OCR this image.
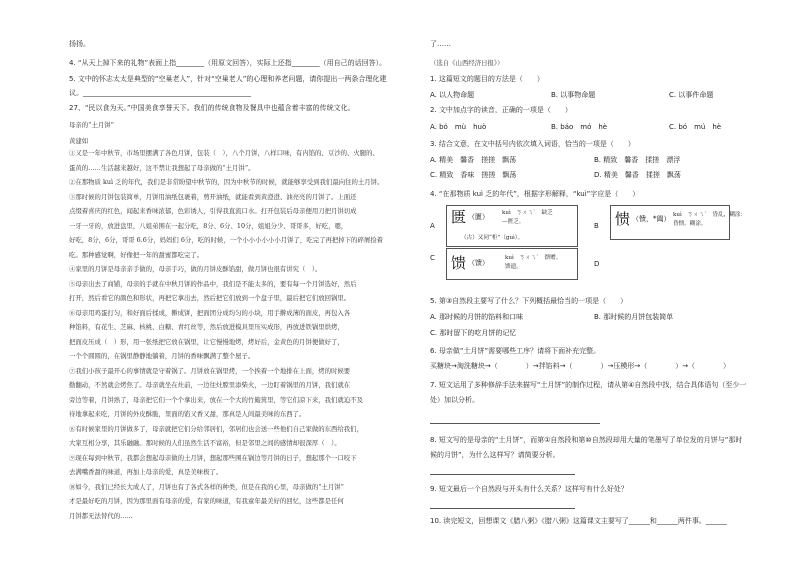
扬扬。
4. “从天上掉下来的礼物”表面上指________（用原文回答），实际上还指________（用自己的话回答）。
5. 文中的怀志太太是典型的“空巢老人”，针对“空巢老人”的心理和养老问题，请你提出一两条合理化建
议。________________________________________________
27、“民以食为天。”中国美食享誉天下。我们的传统食物及餐具中也蕴含着丰富的传统文化。
母亲的“土月饼”
黄建如
①又是一年中秋节，市场里摆满了各色月饼，包装（　），八个月饼，八样口味，有内馅的、豆沙的、火腿的、
蛋黄的……生活越来越好，这不禁让我想起了母亲做的“土月饼”。
②在那物质 kuì 乏的年代，我们是非常盼望中秋节的，因为中秋节的时候，就能够享受到我们最向往的土月饼。
③那时候的月饼包装简单，月饼用油纸包裹着，剪开油纸，就能看到黄澄澄、油亮亮的月饼了。上面还
点缀着喜庆的红色，闻起来香味浓郁，色彩诱人，引得我直流口水。打开包装后母亲便用刀把月饼切成
一牙一牙的，放进盘里，八姐弟围在一起分吃，8分、6分、10分，姐姐分少、哥哥多，好吃，嗯，
好吃，8分，6分，哥哥 6.6分，妈妈们 6分，吃的时候，一个小小小小小小月饼了，吃完了再把掉下的碎屑捡着
吃。那种感觉啊，好像把一年的甜蜜都吃完了。
④家里的月饼是母亲亲手做的，母亲手巧，做的月饼皮酥馅甜，做月饼也很有讲究（　）。
⑤母亲出去了商铺，母亲的手就在中秋月饼的作品中，我们是不能太多的，要有每一个月饼选好，然后
打开，然后看它的颜色和形状，再把它拿出去，然后把它们放到一个盘子里，最后把它们放回锅里。
⑥母亲用鸡蛋打匀，和好面后揉成，擀成饼，把面团分成均匀的小块，用手擀成薄的面皮，再包入各
种馅料，有花生、芝麻、核桃、白糖、青红丝等，然后放进模具里压实成形，再放进铁锅里烘烤，
把面皮压成（　）形，用一张纸把它放在锅里，让它慢慢地烤，烤好后，金黄色的月饼便做好了，
一个个圆圆的，在锅里静静地躺着，月饼的香味飘满了整个屋子。
⑦我们小孩子最开心的事情就是守着锅了。月饼放在锅里烤，一个挨着一个地排在上面，烤的时候要
勤翻动，不然就会烤焦了。母亲就坐在灶前，一边往灶膛里添柴火，一边盯着锅里的月饼，我们就在
旁边等着，月饼熟了，母亲把它们一个个拿出来，放在一个大的竹簸箕里，等它们凉下来，我们就迫不及
待地拿起来吃，月饼的外皮酥脆，里面的馅又香又甜，那真是人间最美味的东西了。
⑧有时候家里的月饼做多了，母亲就把它们分给邻居们，邻居们也会送一些他们自己家做的东西给我们，
大家互相分享，其乐融融。那时候的人们虽然生活不富裕，但是邻里之间的感情却很深厚（　）。
⑨现在每到中秋节，我都会想起母亲做的土月饼，想起那些围在锅边等月饼的日子，想起那个一口咬下
去满嘴香甜的味道，再加上母亲的爱，真是美味极了。
⑩如今，我们已经长大成人了，月饼也有了各式各样的种类，但是在我的心里，母亲做的“土月饼”
才是最好吃的月饼，因为那里面有母亲的爱，有家的味道，有我童年最美好的回忆，这些都是任何
月饼都无法替代的……
了……
（选自《山西经济日报》）
1. 这篇短文的题目的方法是（　　）
A. 以人物命题	B. 以事物命题	C. 以事件命题
2. 文中加点字的读音，正确的一项是（　　）
A. bó　mù　huò	B. báo　mó　hè	C. bó　mú　hè
3. 结合文意，在文中括号内依次填入词语，恰当的一项是（　　）
A. 精美　馨香　搓搓　飘荡	B. 精致　馨香　揉搓　漂浮
C. 精致　香味　搓搓　飘荡	D. 精美　馨香　揉搓　飘荡
4. “在那物质 kuì 乏的年代”，根据字形解释，“kuì”字应是（　　）
A 匮 （匱） kuì　ㄎㄨㄟˋ　缺乏
—匮乏。
（古）又同“柜”（guì）。
B 愦 （愦，*阖） kuì　ㄎㄨㄟˋ　昏乱，糊涂：
昏愦。糊涂。
C 馈 （馈）
kuì　ㄎㄨㄟˋ　馈赠。
馈遗。	D
5. 第③自然段主要写了什么？下列概括最恰当的一项是（　　）
A. 那时候的月饼的馅料和口味	B. 那时候的月饼包装简单
C. 那时留下的吃月饼的记忆
6. 母亲做“土月饼”需要哪些工序？请将下面补充完整。
买糖块→淘洗糖块→（　　　　）→拌馅料→（　　　　）→压模形→（　　　　）→（　　　　）
7. 短文运用了多种修辞手法来描写“土月饼”的制作过程，请从第④自然段中找，结合具体语句（至少一
处）加以分析。
8. 短文写的是母亲的“土月饼”，而第①自然段和第⑩自然段却用大量的笔墨写了单位发的月饼与“那时
候的月饼”，为什么这样写？请简要分析。
9. 短文最后一个自然段与开头有什么关系？这样写有什么好处？
10. 读完短文，回想课文《腊八粥》《腊八粥》这篇课文主要写了______和______两件事。______
